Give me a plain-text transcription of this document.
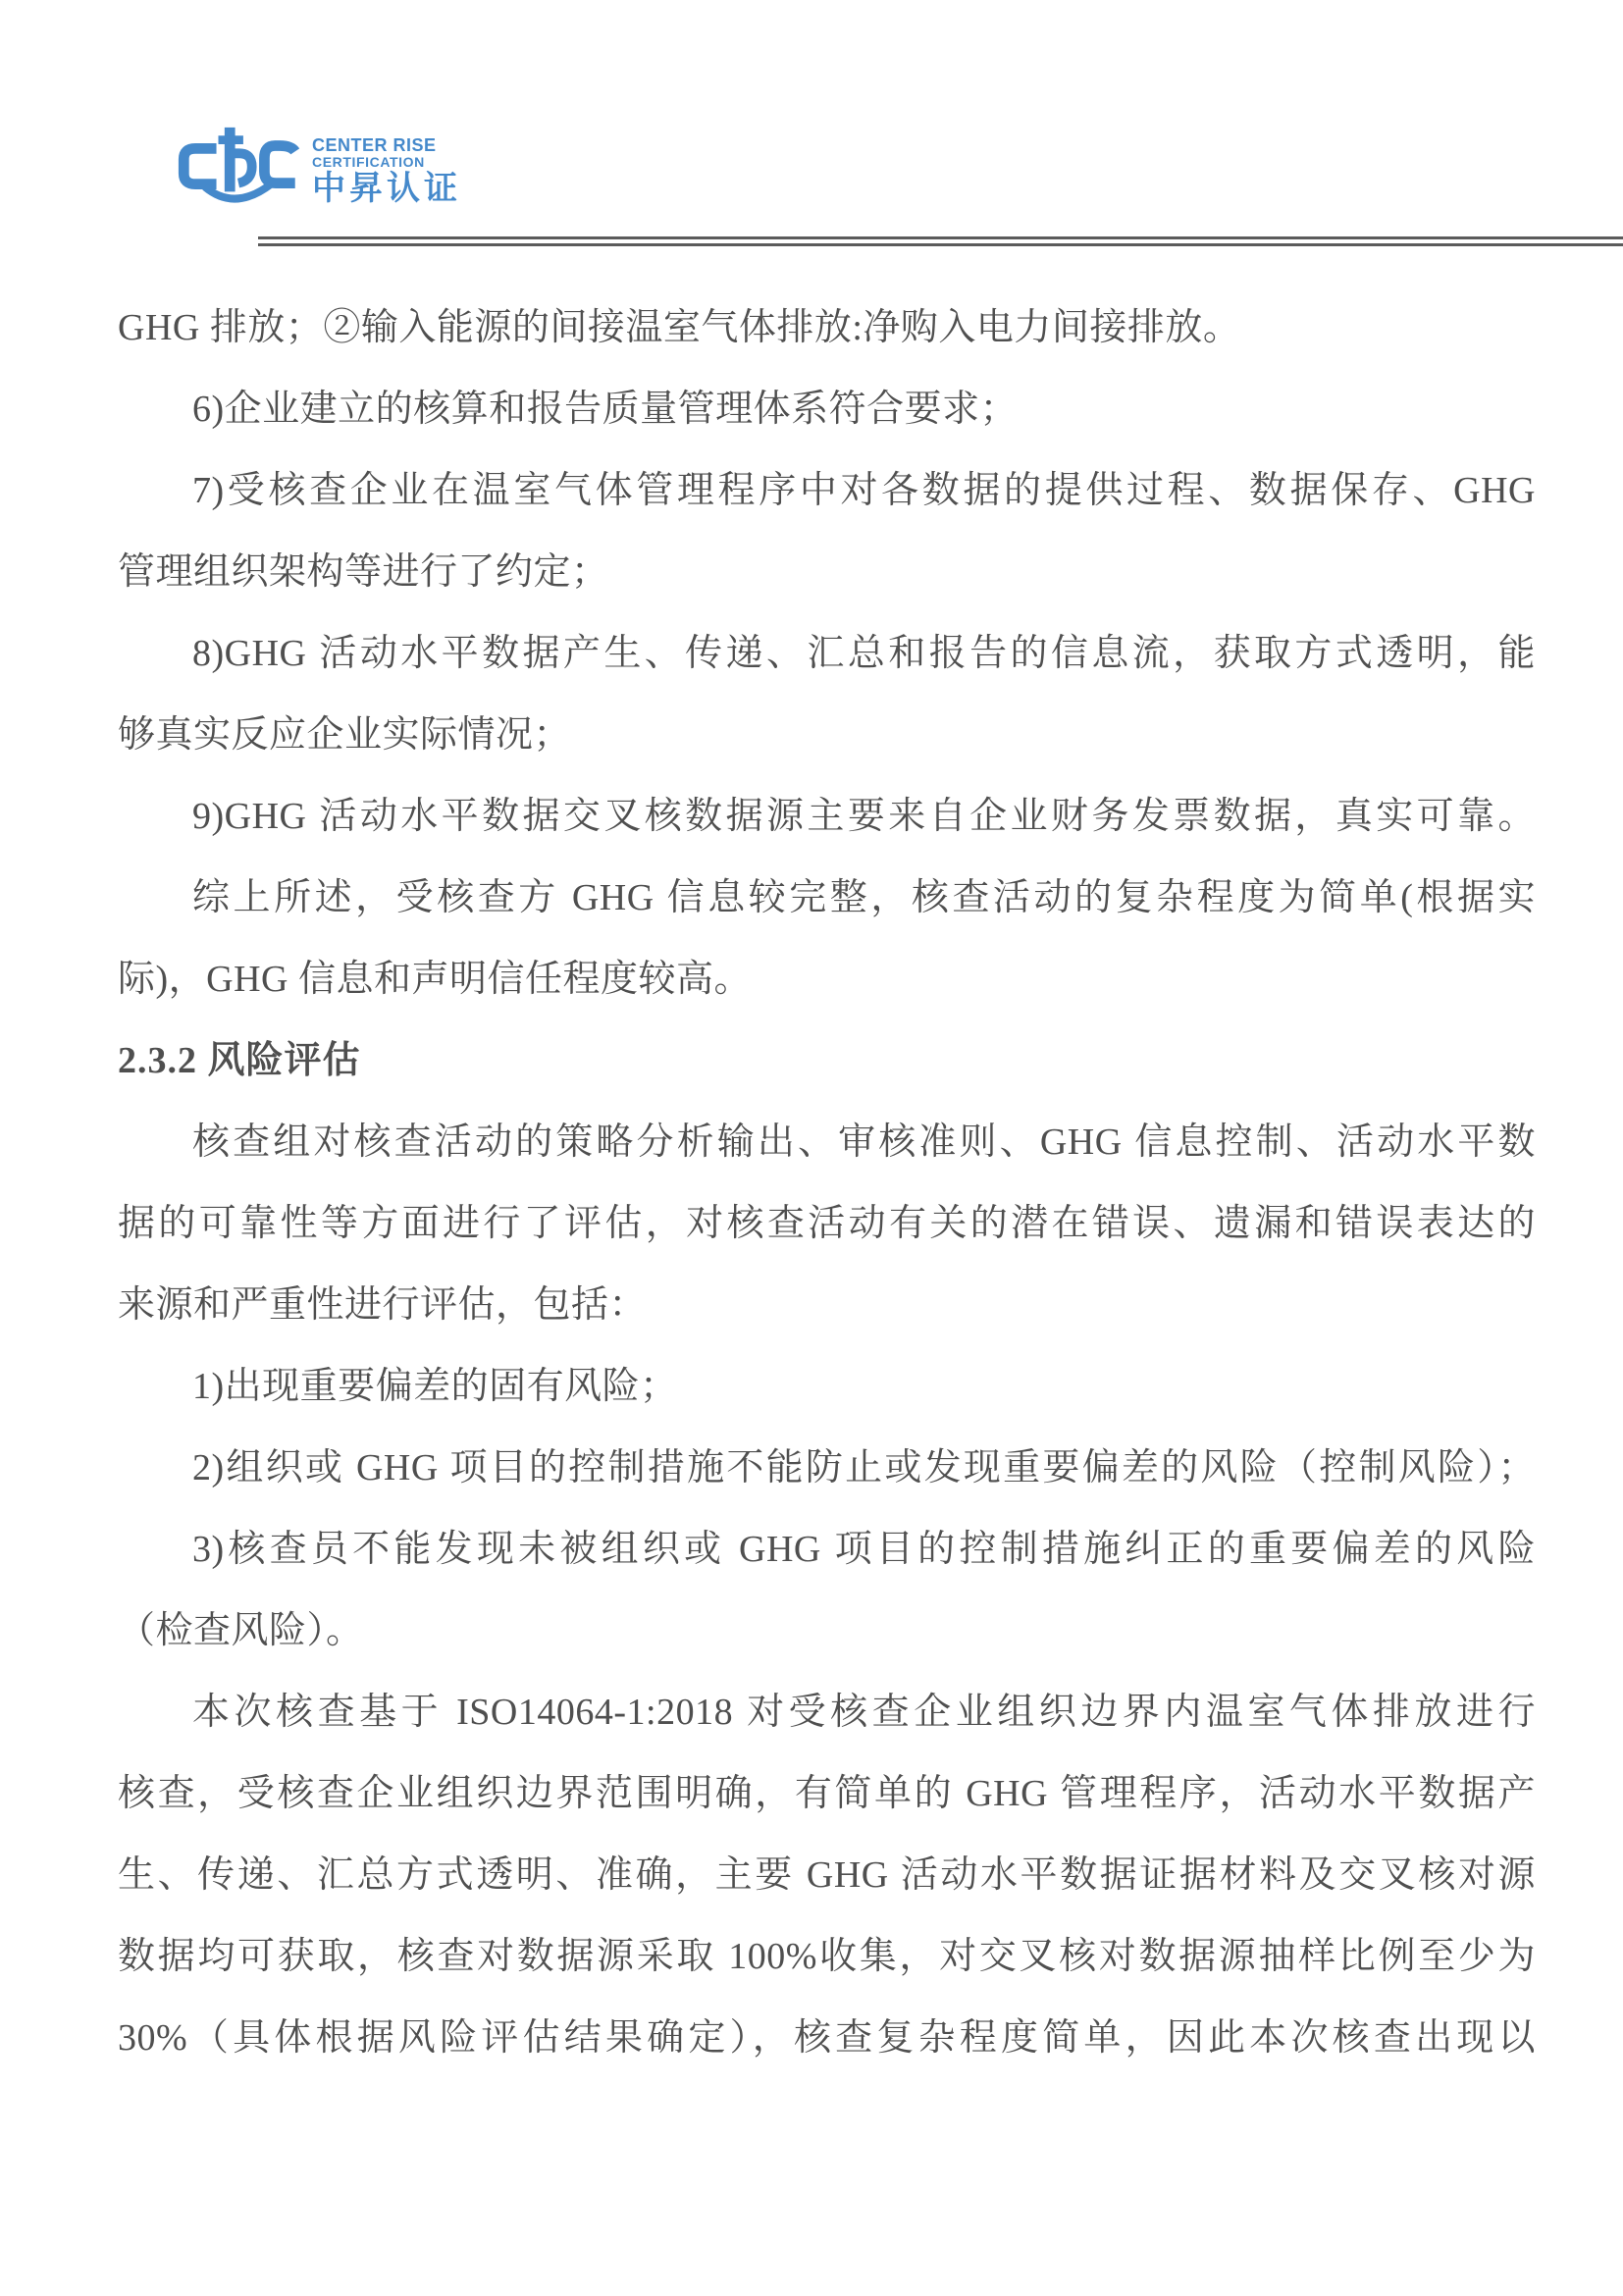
CENTER RISE
CERTIFICATION
中昇认证

GHG 排放；②输入能源的间接温室气体排放:净购入电力间接排放。

6)企业建立的核算和报告质量管理体系符合要求；

7)受核查企业在温室气体管理程序中对各数据的提供过程、数据保存、GHG

管理组织架构等进行了约定；

8)GHG 活动水平数据产生、传递、汇总和报告的信息流，获取方式透明，能

够真实反应企业实际情况；

9)GHG 活动水平数据交叉核数据源主要来自企业财务发票数据，真实可靠。

综上所述，受核查方 GHG 信息较完整，核查活动的复杂程度为简单(根据实

际)，GHG 信息和声明信任程度较高。

2.3.2 风险评估

核查组对核查活动的策略分析输出、审核准则、GHG 信息控制、活动水平数

据的可靠性等方面进行了评估，对核查活动有关的潜在错误、遗漏和错误表达的

来源和严重性进行评估，包括：

1)出现重要偏差的固有风险；

2)组织或 GHG 项目的控制措施不能防止或发现重要偏差的风险（控制风险）；

3)核查员不能发现未被组织或 GHG 项目的控制措施纠正的重要偏差的风险

（检查风险）。

本次核查基于 ISO14064-1:2018 对受核查企业组织边界内温室气体排放进行

核查，受核查企业组织边界范围明确，有简单的 GHG 管理程序，活动水平数据产

生、传递、汇总方式透明、准确，主要 GHG 活动水平数据证据材料及交叉核对源

数据均可获取，核查对数据源采取 100%收集，对交叉核对数据源抽样比例至少为

30%（具体根据风险评估结果确定），核查复杂程度简单，因此本次核查出现以
